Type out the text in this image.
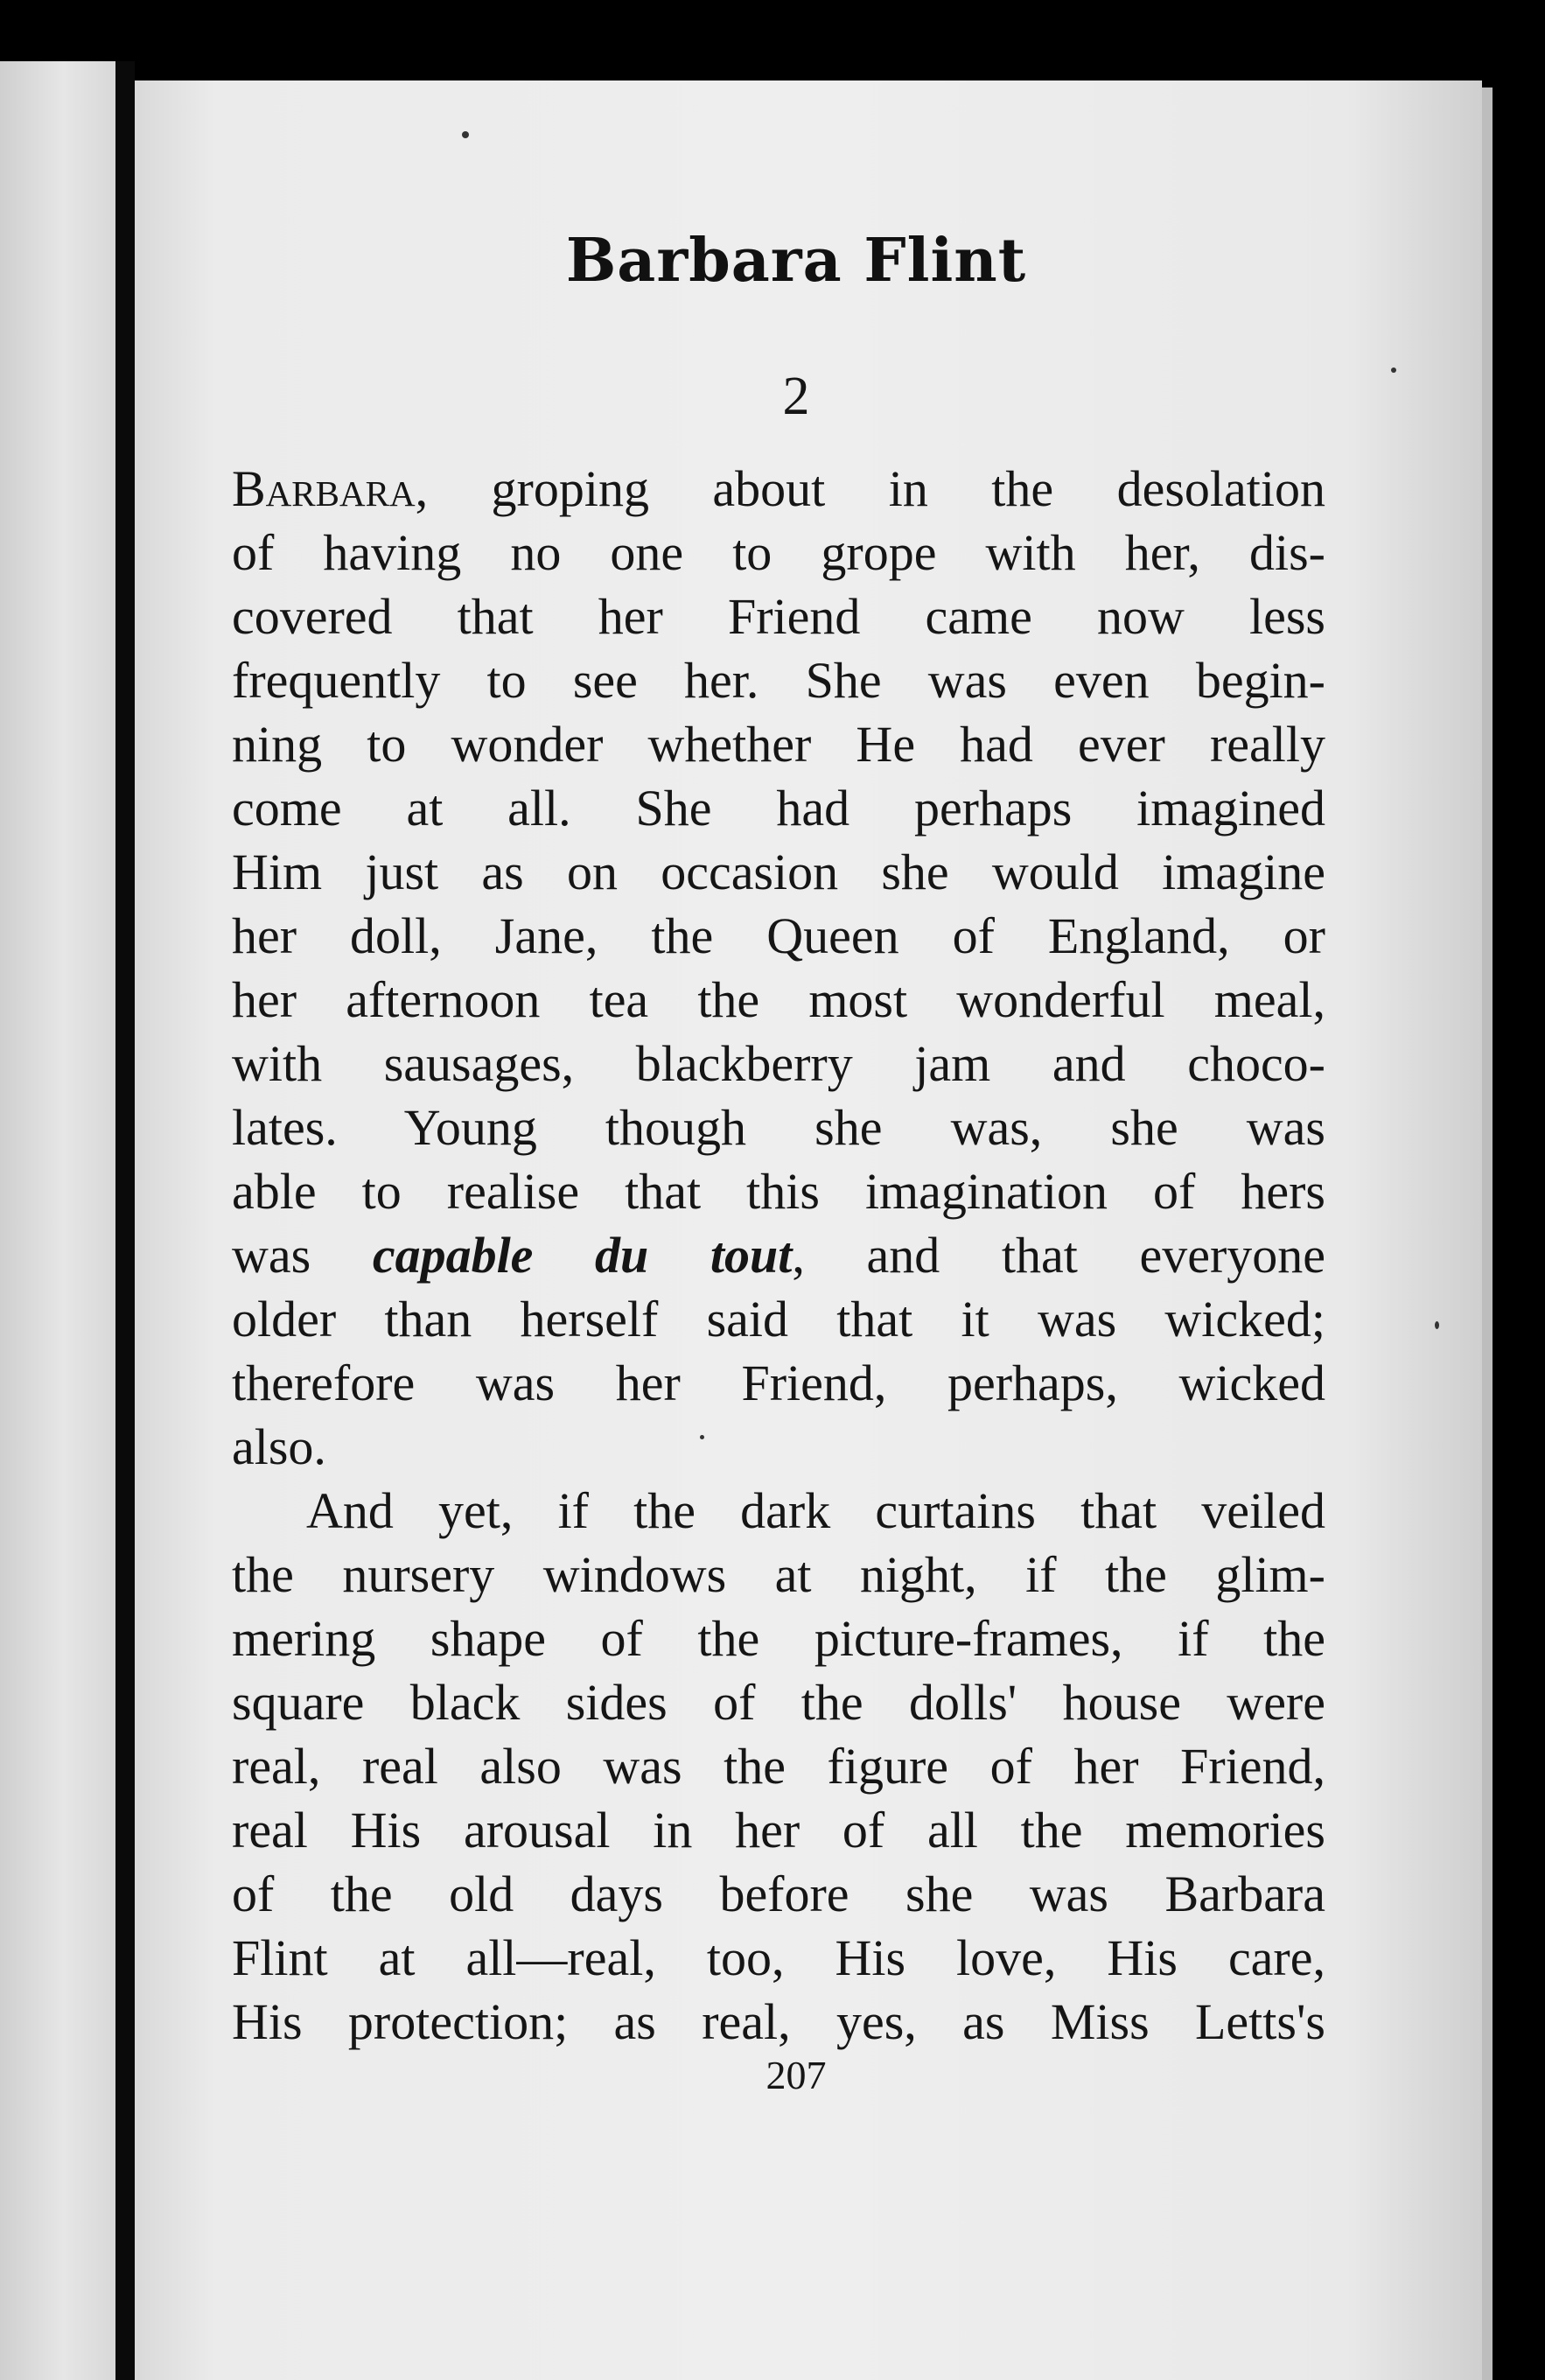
Barbara Flint
2
Barbara, groping about in the desolation
of having no one to grope with her, dis-
covered that her Friend came now less
frequently to see her. She was even begin-
ning to wonder whether He had ever really
come at all. She had perhaps imagined
Him just as on occasion she would imagine
her doll, Jane, the Queen of England, or
her afternoon tea the most wonderful meal,
with sausages, blackberry jam and choco-
lates. Young though she was, she was
able to realise that this imagination of hers
was capable du tout, and that everyone
older than herself said that it was wicked;
therefore was her Friend, perhaps, wicked
also.
And yet, if the dark curtains that veiled
the nursery windows at night, if the glim-
mering shape of the picture-frames, if the
square black sides of the dolls' house were
real, real also was the figure of her Friend,
real His arousal in her of all the memories
of the old days before she was Barbara
Flint at all—real, too, His love, His care,
His protection; as real, yes, as Miss Letts's
207
